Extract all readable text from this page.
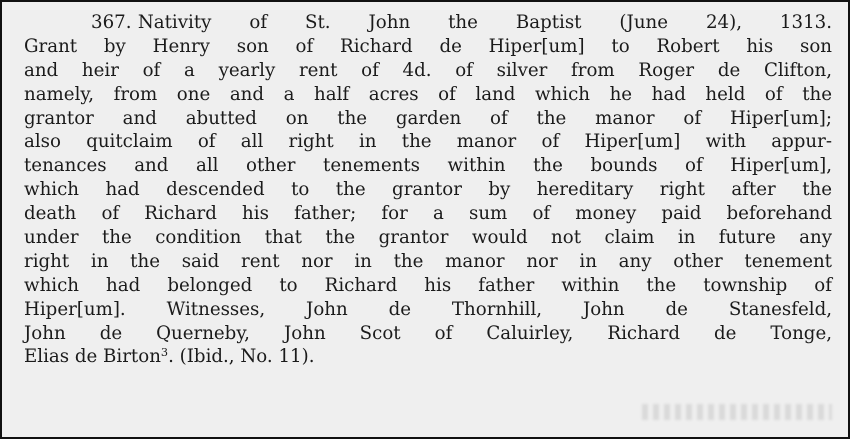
367. Nativity of St. John the Baptist (June 24), 1313.
Grant by Henry son of Richard de Hiper[um] to Robert his son
and heir of a yearly rent of 4d. of silver from Roger de Clifton,
namely, from one and a half acres of land which he had held of the
grantor and abutted on the garden of the manor of Hiper[um];
also quitclaim of all right in the manor of Hiper[um] with appur-
tenances and all other tenements within the bounds of Hiper[um],
which had descended to the grantor by hereditary right after the
death of Richard his father; for a sum of money paid beforehand
under the condition that the grantor would not claim in future any
right in the said rent nor in the manor nor in any other tenement
which had belonged to Richard his father within the township of
Hiper[um]. Witnesses, John de Thornhill, John de Stanesfeld,
John de Querneby, John Scot of Caluirley, Richard de Tonge,
Elias de Birton$^3$. (Ibid., No. 11).
